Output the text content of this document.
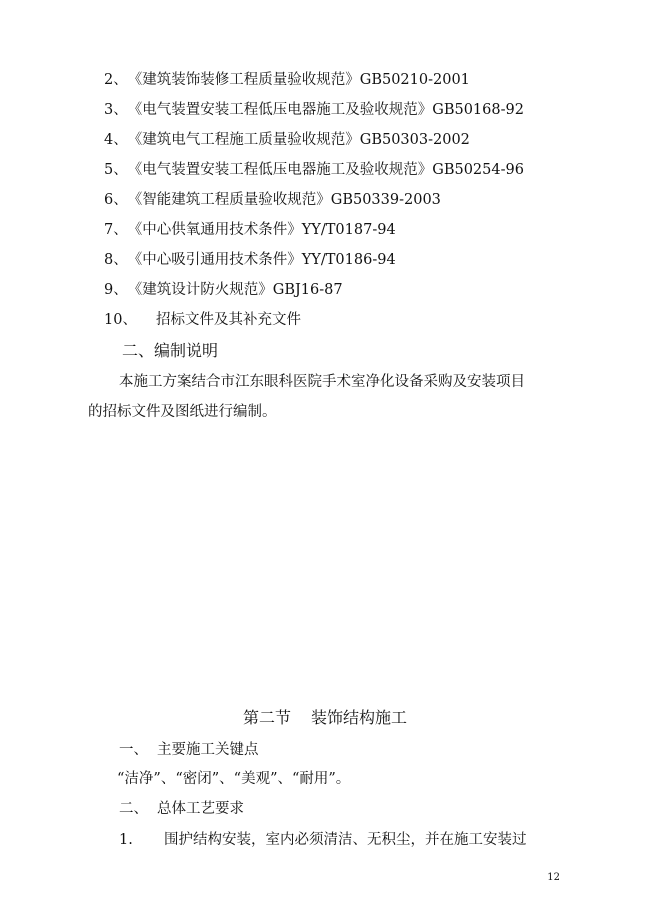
2、《建筑装饰装修工程质量验收规范》GB50210-2001
3、《电气装置安装工程低压电器施工及验收规范》GB50168-92
4、《建筑电气工程施工质量验收规范》GB50303-2002
5、《电气装置安装工程低压电器施工及验收规范》GB50254-96
6、《智能建筑工程质量验收规范》GB50339-2003
7、《中心供氧通用技术条件》YY/T0187-94
8、《中心吸引通用技术条件》YY/T0186-94
9、《建筑设计防火规范》GBJ16-87
10、 招标文件及其补充文件
二、编制说明
本施工方案结合市江东眼科医院手术室净化设备采购及安装项目
的招标文件及图纸进行编制。
第二节 装饰结构施工
一、 主要施工关键点
“洁净”、“密闭”、“美观”、“耐用”。
二、 总体工艺要求
1. 围护结构安装，室内必须清洁、无积尘，并在施工安装过
12
